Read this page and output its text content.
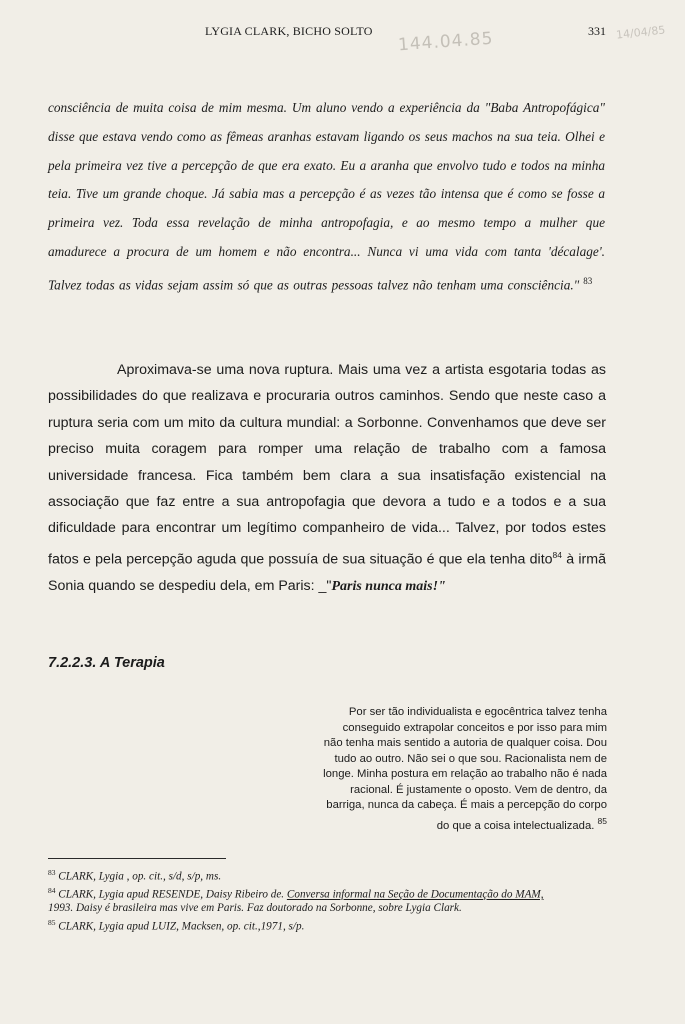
LYGIA CLARK, BICHO SOLTO 144.04.85	331 14/04/85

consciência de muita coisa de mim mesma. Um aluno vendo a experiência da "Baba Antropofágica" disse que estava vendo como as fêmeas aranhas estavam ligando os seus machos na sua teia. Olhei e pela primeira vez tive a percepção de que era exato. Eu a aranha que envolvo tudo e todos na minha teia. Tive um grande choque. Já sabia mas a percepção é as vezes tão intensa que é como se fosse a primeira vez. Toda essa revelação de minha antropofagia, e ao mesmo tempo a mulher que amadurece a procura de um homem e não encontra... Nunca vi uma vida com tanta 'décalage'. Talvez todas as vidas sejam assim só que as outras pessoas talvez não tenham uma consciência." $^{83}$

Aproximava-se uma nova ruptura. Mais uma vez a artista esgotaria todas as possibilidades do que realizava e procuraria outros caminhos. Sendo que neste caso a ruptura seria com um mito da cultura mundial: a Sorbonne. Convenhamos que deve ser preciso muita coragem para romper uma relação de trabalho com a famosa universidade francesa. Fica também bem clara a sua insatisfação existencial na associação que faz entre a sua antropofagia que devora a tudo e a todos e a sua dificuldade para encontrar um legítimo companheiro de vida... Talvez, por todos estes fatos e pela percepção aguda que possuía de sua situação é que ela tenha dito$^{84}$ à irmã Sonia quando se despediu dela, em Paris: _"Paris nunca mais!"

7.2.2.3. A Terapia

Por ser tão individualista e egocêntrica talvez tenha

conseguido extrapolar conceitos e por isso para mim

não tenha mais sentido a autoria de qualquer coisa. Dou

tudo ao outro. Não sei o que sou. Racionalista nem de

longe. Minha postura em relação ao trabalho não é nada

racional. É justamente o oposto. Vem de dentro, da

barriga, nunca da cabeça. É mais a percepção do corpo

do que a coisa intelectualizada. $^{85}$

$^{83}$ CLARK, Lygia , op. cit., s/d, s/p, ms.

$^{84}$ CLARK, Lygia apud RESENDE, Daisy Ribeiro de. Conversa informal na Seção de Documentação do MAM,
1993. Daisy é brasileira mas vive em Paris. Faz doutorado na Sorbonne, sobre Lygia Clark.

$^{85}$ CLARK, Lygia apud LUIZ, Macksen, op. cit.,1971, s/p.
